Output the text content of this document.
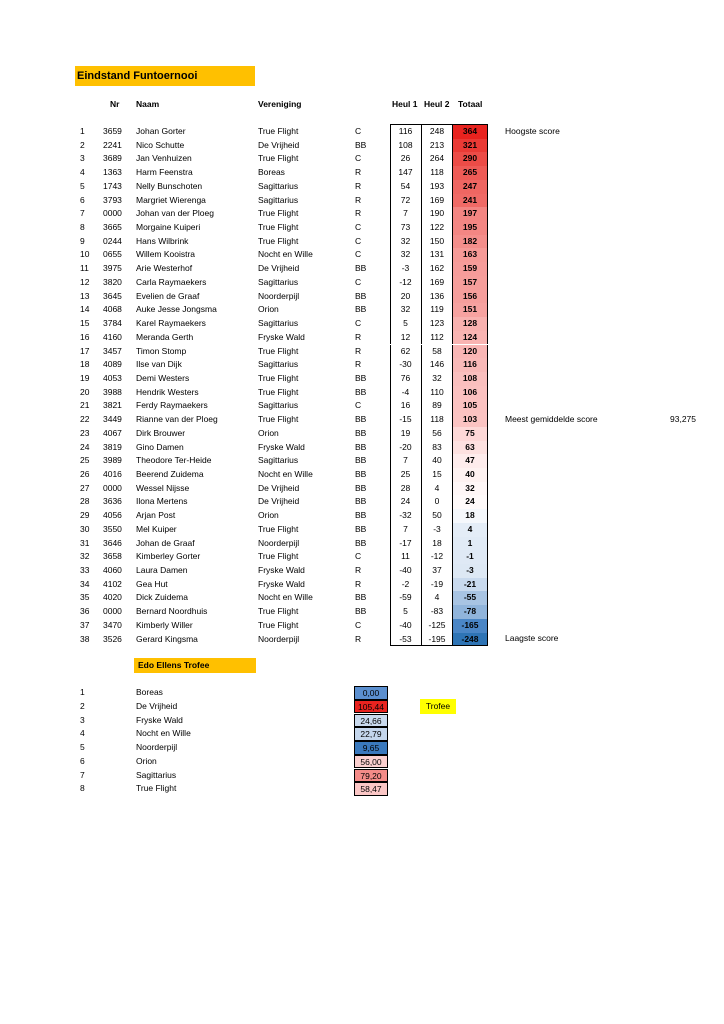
Eindstand Funtoernooi
Nr Naam	Vereniging	Heul 1 Heul 2 Totaal
1 3659 Johan Gorter	True Flight	C	116	248	364
2 2241 Nico Schutte	De Vrijheid	BB	108	213	321
3 3689 Jan Venhuizen	True Flight	C	26	264	290
4 1363 Harm Feenstra	Boreas	R	147	118	265
5 1743 Nelly Bunschoten	Sagittarius	R	54	193	247
6 3793 Margriet Wierenga	Sagittarius	R	72	169	241
7 0000 Johan van der Ploeg	True Flight	R	7	190	197
8 3665 Morgaine Kuiperi	True Flight	C	73	122	195
9 0244 Hans Wilbrink	True Flight	C	32	150	182
10 0655 Willem Kooistra	Nocht en Wille	C	32	131	163
11 3975 Arie Westerhof	De Vrijheid	BB	-3	162	159
12 3820 Carla Raymaekers	Sagittarius	C	-12	169	157
13 3645 Evelien de Graaf	Noorderpijl	BB	20	136	156
14 4068 Auke Jesse Jongsma	Orion	BB	32	119	151
15 3784 Karel Raymaekers	Sagittarius	C	5	123	128
16 4160 Meranda Gerth	Fryske Wald	R	12	112	124
17 3457 Timon Stomp	True Flight	R	62	58	120
18 4089 Ilse van Dijk	Sagittarius	R	-30	146	116
19 4053 Demi Westers	True Flight	BB	76	32	108
20 3988 Hendrik Westers	True Flight	BB	-4	110	106
21 3821 Ferdy Raymaekers	Sagittarius	C	16	89	105
22 3449 Rianne van der Ploeg	True Flight	BB	-15	118	103
23 4067 Dirk Brouwer	Orion	BB	19	56	75
24 3819 Gino Damen	Fryske Wald	BB	-20	83	63
25 3989 Theodore Ter-Heide	Sagittarius	BB	7	40	47
26 4016 Beerend Zuidema	Nocht en Wille	BB	25	15	40
27 0000 Wessel Nijsse	De Vrijheid	BB	28	4	32
28 3636 Ilona Mertens	De Vrijheid	BB	24	0	24
29 4056 Arjan Post	Orion	BB	-32	50	18
30 3550 Mel Kuiper	True Flight	BB	7	-3	4
31 3646 Johan de Graaf	Noorderpijl	BB	-17	18	1
32 3658 Kimberley Gorter	True Flight	C	11	-12	-1
33 4060 Laura Damen	Fryske Wald	R	-40	37	-3
34 4102 Gea Hut	Fryske Wald	R	-2	-19	-21
35 4020 Dick Zuidema	Nocht en Wille	BB	-59	4	-55
36 0000 Bernard Noordhuis	True Flight	BB	5	-83	-78
37 3470 Kimberly Willer	True Flight	C	-40	-125	-165
38 3526 Gerard Kingsma	Noorderpijl	R	-53	-195	-248
Hoogste score
Meest gemiddelde score	93,275
Laagste score
Edo Ellens Trofee
1	Boreas	0,00
2	De Vrijheid	105,44
3	Fryske Wald	24,66
4	Nocht en Wille	22,79
5	Noorderpijl	9,65
6	Orion	56,00
7	Sagittarius	79,20
8	True Flight	58,47
Trofee
